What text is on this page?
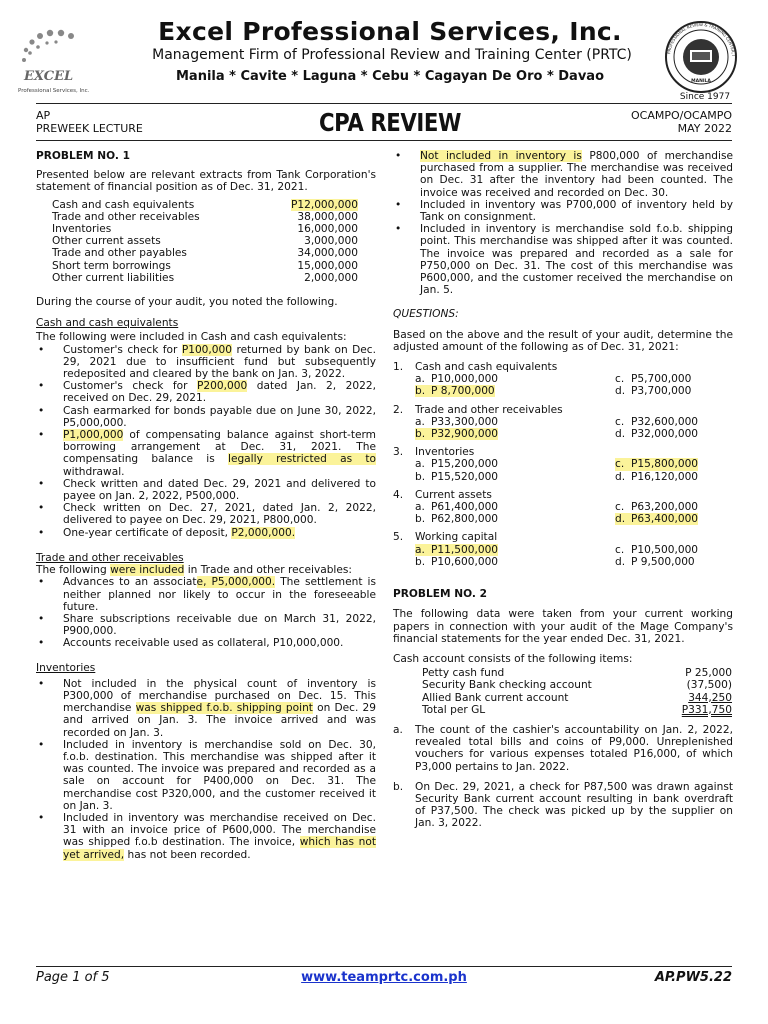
EXCEL
Professional Services, Inc.
Excel Professional Services, Inc.
Management Firm of Professional Review and Training Center (PRTC)
Manila * Cavite * Laguna * Cebu * Cagayan De Oro * Davao	MANILA
PROFESSIONAL REVIEW & TRAINING CENTER, I
Since 1977
AP
PREWEEK LECTURE	CPA REVIEW	OCAMPO/OCAMPO
MAY 2022

PROBLEM NO. 1

Presented below are relevant extracts from Tank Corporation's statement of financial position as of Dec. 31, 2021.

Cash and cash equivalents	P12,000,000
Trade and other receivables	38,000,000
Inventories	16,000,000
Other current assets	3,000,000
Trade and other payables	34,000,000
Short term borrowings	15,000,000
Other current liabilities	2,000,000

During the course of your audit, you noted the following.

Cash and cash equivalents

The following were included in Cash and cash equivalents:

• Customer's check for P100,000 returned by bank on Dec. 29, 2021 due to insufficient fund but subsequently redeposited and cleared by the bank on Jan. 3, 2022.

• Customer's check for P200,000 dated Jan. 2, 2022, received on Dec. 29, 2021.

• Cash earmarked for bonds payable due on June 30, 2022, P5,000,000.

• P1,000,000 of compensating balance against short-term borrowing arrangement at Dec. 31, 2021. The compensating balance is legally restricted as to withdrawal.

• Check written and dated Dec. 29, 2021 and delivered to payee on Jan. 2, 2022, P500,000.

• Check written on Dec. 27, 2021, dated Jan. 2, 2022, delivered to payee on Dec. 29, 2021, P800,000.

• One-year certificate of deposit, P2,000,000.

Trade and other receivables

The following were included in Trade and other receivables:

• Advances to an associate, P5,000,000. The settlement is neither planned nor likely to occur in the foreseeable future.

• Share subscriptions receivable due on March 31, 2022, P900,000.

• Accounts receivable used as collateral, P10,000,000.

Inventories

• Not included in the physical count of inventory is P300,000 of merchandise purchased on Dec. 15. This merchandise was shipped f.o.b. shipping point on Dec. 29 and arrived on Jan. 3. The invoice arrived and was recorded on Jan. 3.

• Included in inventory is merchandise sold on Dec. 30, f.o.b. destination. This merchandise was shipped after it was counted. The invoice was prepared and recorded as a sale on account for P400,000 on Dec. 31. The merchandise cost P320,000, and the customer received it on Jan. 3.

• Included in inventory was merchandise received on Dec. 31 with an invoice price of P600,000. The merchandise was shipped f.o.b destination. The invoice, which has not yet arrived, has not been recorded.

• Not included in inventory is P800,000 of merchandise purchased from a supplier. The merchandise was received on Dec. 31 after the inventory had been counted. The invoice was received and recorded on Dec. 30.

• Included in inventory was P700,000 of inventory held by Tank on consignment.

• Included in inventory is merchandise sold f.o.b. shipping point. This merchandise was shipped after it was counted. The invoice was prepared and recorded as a sale for P750,000 on Dec. 31. The cost of this merchandise was P600,000, and the customer received the merchandise on Jan. 5.

QUESTIONS:

Based on the above and the result of your audit, determine the adjusted amount of the following as of Dec. 31, 2021:

1.	Cash and cash equivalents
a. P10,000,000	c. P5,700,000
b. P 8,700,000	d. P3,700,000

2.	Trade and other receivables
a. P33,300,000	c. P32,600,000
b. P32,900,000	d. P32,000,000

3.	Inventories
a. P15,200,000	c. P15,800,000
b. P15,520,000	d. P16,120,000

4.	Current assets
a. P61,400,000	c. P63,200,000
b. P62,800,000	d. P63,400,000

5.	Working capital
a. P11,500,000	c. P10,500,000
b. P10,600,000	d. P 9,500,000

PROBLEM NO. 2

The following data were taken from your current working papers in connection with your audit of the Mage Company's financial statements for the year ended Dec. 31, 2021.

Cash account consists of the following items:

Petty cash fund	P 25,000
Security Bank checking account	(37,500)
Allied Bank current account	344,250
Total per GL	P331,750

a. The count of the cashier's accountability on Jan. 2, 2022, revealed total bills and coins of P9,000. Unreplenished vouchers for various expenses totaled P16,000, of which P3,000 pertains to Jan. 2022.

b. On Dec. 29, 2021, a check for P87,500 was drawn against Security Bank current account resulting in bank overdraft of P37,500. The check was picked up by the supplier on Jan. 3, 2022.

Page 1 of 5	www.teamprtc.com.ph	AP.PW5.22
